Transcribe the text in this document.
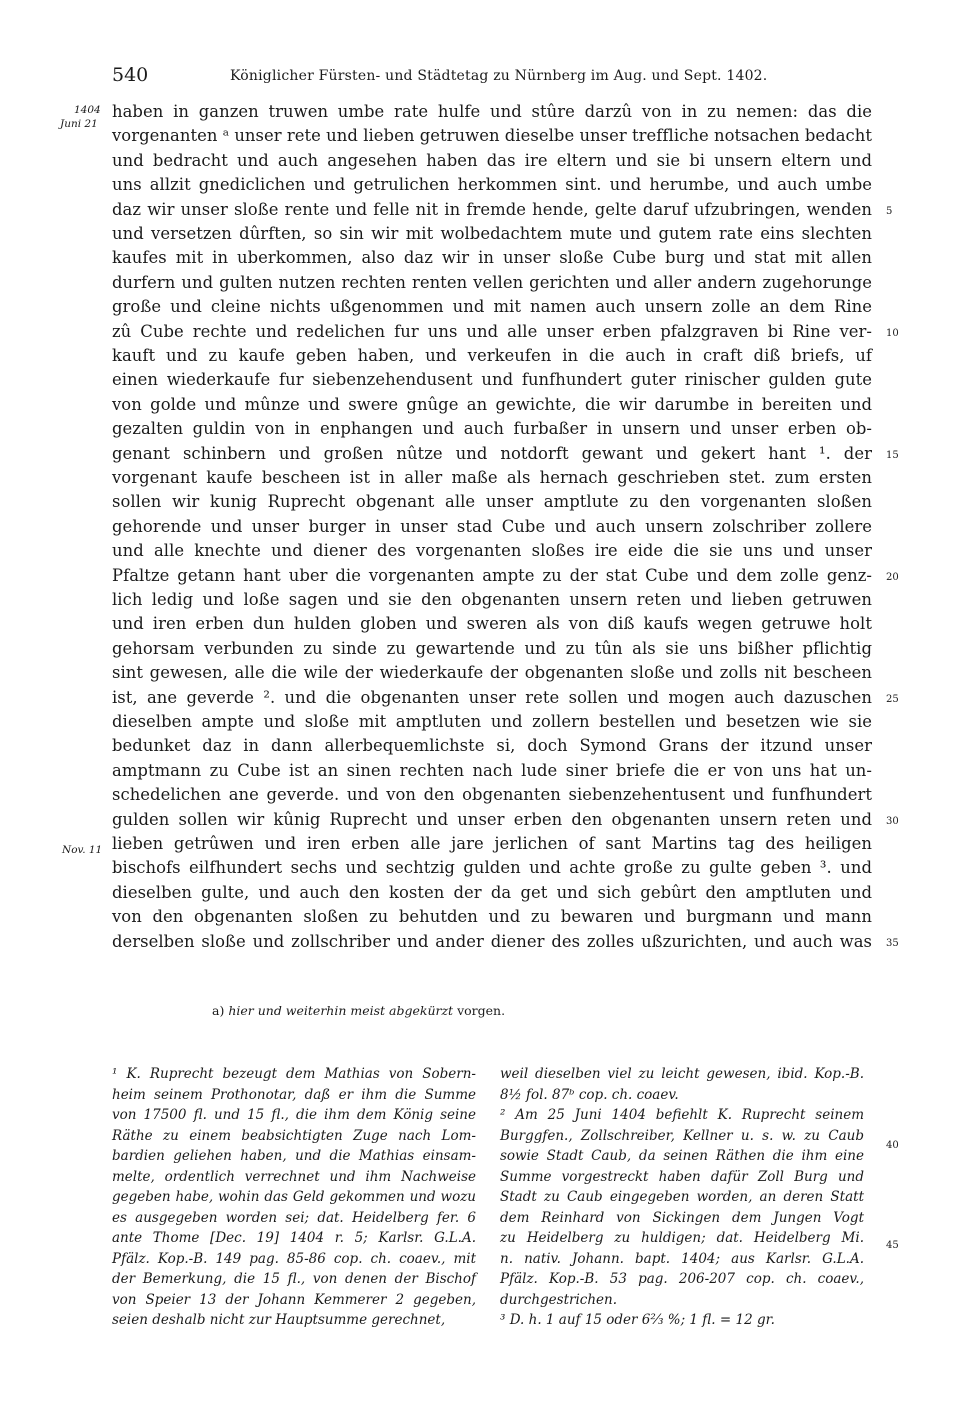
540	Königlicher Fürsten- und Städtetag zu Nürnberg im Aug. und Sept. 1402.
1404
Juni 21
Nov. 11
haben in ganzen truwen umbe rate hulfe und stûre darzû von in zu nemen: das die
vorgenanten ᵃ unser rete und lieben getruwen dieselbe unser treffliche notsachen bedacht
und bedracht und auch angesehen haben das ire eltern und sie bi unsern eltern und
uns allzit gnediclichen und getrulichen herkommen sint. und herumbe, und auch umbe
daz wir unser sloße rente und felle nit in fremde hende, gelte daruf ufzubringen, wenden
und versetzen dûrften, so sin wir mit wolbedachtem mute und gutem rate eins slechten
kaufes mit in uberkommen, also daz wir in unser sloße Cube burg und stat mit allen
durfern und gulten nutzen rechten renten vellen gerichten und aller andern zugehorunge
große und cleine nichts ußgenommen und mit namen auch unsern zolle an dem Rine
zû Cube rechte und redelichen fur uns und alle unser erben pfalzgraven bi Rine ver-
kauft und zu kaufe geben haben, und verkeufen in die auch in craft diß briefs, uf
einen wiederkaufe fur siebenzehendusent und funfhundert guter rinischer gulden gute
von golde und mûnze und swere gnûge an gewichte, die wir darumbe in bereiten und
gezalten guldin von in enphangen und auch furbaßer in unsern und unser erben ob-
genant schinbern und großen nûtze und notdorft gewant und gekert hant ¹. der
vorgenant kaufe bescheen ist in aller maße als hernach geschrieben stet. zum ersten
sollen wir kunig Ruprecht obgenant alle unser amptlute zu den vorgenanten sloßen
gehorende und unser burger in unser stad Cube und auch unsern zolschriber zollere
und alle knechte und diener des vorgenanten sloßes ire eide die sie uns und unser
Pfaltze getann hant uber die vorgenanten ampte zu der stat Cube und dem zolle genz-
lich ledig und loße sagen und sie den obgenanten unsern reten und lieben getruwen
und iren erben dun hulden globen und sweren als von diß kaufs wegen getruwe holt
gehorsam verbunden zu sinde zu gewartende und zu tûn als sie uns bißher pflichtig
sint gewesen, alle die wile der wiederkaufe der obgenanten sloße und zolls nit bescheen
ist, ane geverde ². und die obgenanten unser rete sollen und mogen auch dazuschen
dieselben ampte und sloße mit amptluten und zollern bestellen und besetzen wie sie
bedunket daz in dann allerbequemlichste si, doch Symond Grans der itzund unser
amptmann zu Cube ist an sinen rechten nach lude siner briefe die er von uns hat un-
schedelichen ane geverde. und von den obgenanten siebenzehentusent und funfhundert
gulden sollen wir kûnig Ruprecht und unser erben den obgenanten unsern reten und
lieben getrûwen und iren erben alle jare jerlichen of sant Martins tag des heiligen
bischofs eilfhundert sechs und sechtzig gulden und achte große zu gulte geben ³. und
dieselben gulte, und auch den kosten der da get und sich gebûrt den amptluten und
von den obgenanten sloßen zu behutden und zu bewaren und burgmann und mann
derselben sloße und zollschriber und ander diener des zolles ußzurichten, und auch was
5
10
15
20
25
30
35
a) hier und weiterhin meist abgekürzt vorgen.
¹ K. Ruprecht bezeugt dem Mathias von Sobern-
heim seinem Prothonotar, daß er ihm die Summe
von 17500 fl. und 15 fl., die ihm dem König seine
Räthe zu einem beabsichtigten Zuge nach Lom-
bardien geliehen haben, und die Mathias einsam-
melte, ordentlich verrechnet und ihm Nachweise
gegeben habe, wohin das Geld gekommen und wozu
es ausgegeben worden sei; dat. Heidelberg fer. 6
ante Thome [Dec. 19] 1404 r. 5; Karlsr. G.L.A.
Pfälz. Kop.-B. 149 pag. 85-86 cop. ch. coaev., mit
der Bemerkung, die 15 fl., von denen der Bischof
von Speier 13 der Johann Kemmerer 2 gegeben,
seien deshalb nicht zur Hauptsumme gerechnet,
weil dieselben viel zu leicht gewesen, ibid. Kop.-B.
8½ fol. 87ᵇ cop. ch. coaev.
² Am 25 Juni 1404 befiehlt K. Ruprecht seinem
Burggfen., Zollschreiber, Kellner u. s. w. zu Caub
sowie Stadt Caub, da seinen Räthen die ihm eine
Summe vorgestreckt haben dafür Zoll Burg und
Stadt zu Caub eingegeben worden, an deren Statt
dem Reinhard von Sickingen dem Jungen Vogt
zu Heidelberg zu huldigen; dat. Heidelberg Mi.
n. nativ. Johann. bapt. 1404; aus Karlsr. G.L.A.
Pfälz. Kop.-B. 53 pag. 206-207 cop. ch. coaev.,
durchgestrichen.
³ D. h. 1 auf 15 oder 6⅔ %; 1 fl. = 12 gr.
40
45
